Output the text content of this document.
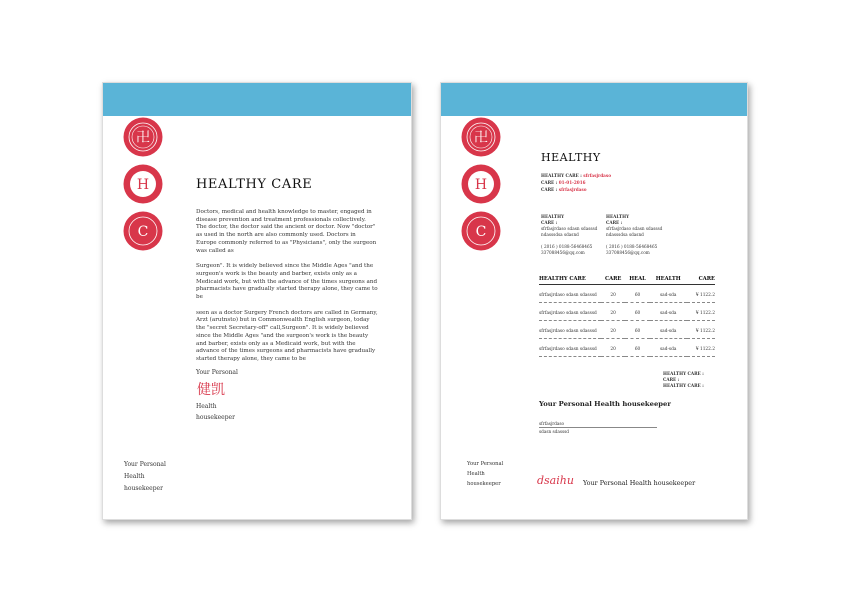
卍
H
C
HEALTHY CARE

Doctors, medical and health knowledge to master, engaged in disease prevention and treatment professionals collectively. The doctor, the doctor said the ancient or doctor. Now "doctor" as used in the north are also commonly used. Doctors in Europe commonly referred to as "Physicians", only the surgeon was called as

Surgeon". It is widely believed since the Middle Ages "and the surgeon's work is the beauty and barber, exists only as a Medicaid work, but with the advance of the times surgeons and pharmacists have gradually started therapy alone, they came to be

seen as a doctor Surgery French doctors are called in Germany, Arzt (arutnsto) but in Commonwealth English surgeon, today the "secret Secretary-off" call,Surgeon". It is widely believed since the Middle Ages "and the surgeon's work is the beauty and barber, exists only as a Medicaid work, but with the advance of the times surgeons and pharmacists have gradually started therapy alone, they came to be

Your Personal
健凯
Health
housekeeper
Your Personal
Health
housekeeper
卍
H
C
HEALTHY
HEALTHY CARE : sfrfasjrdaso
CARE : 01-01-2016
CARE : sfrfasjrdaso
HEALTHY
CARE :
sfrfasjrdaso sdasn sdasssd
ndasssdsa sdasnd
( 2016 ) 0188-56468465
337088456@qq.com
HEALTHY
CARE :
sfrfasjrdaso sdasn sdasssd
ndasssdsa sdasnd
( 2016 ) 0188-56468465
337088456@qq.com
HEALTHY CARE	CARE	HEAL	HEALTH	CARE
sfrfasjrdaso sdasn sdasssd	20	60	sad-sda	¥ 1122.2
sfrfasjrdaso sdasn sdasssd	20	60	sad-sda	¥ 1122.2
sfrfasjrdaso sdasn sdasssd	20	60	sad-sda	¥ 1122.2
sfrfasjrdaso sdasn sdasssd	20	60	sad-sda	¥ 1122.2
HEALTHY CARE :
CARE :
HEALTHY CARE :
Your Personal Health housekeeper
sfrfasjrdaso
sdasn sdasssd
Your Personal
Health
housekeeper	dsaihu Your Personal Health housekeeper
